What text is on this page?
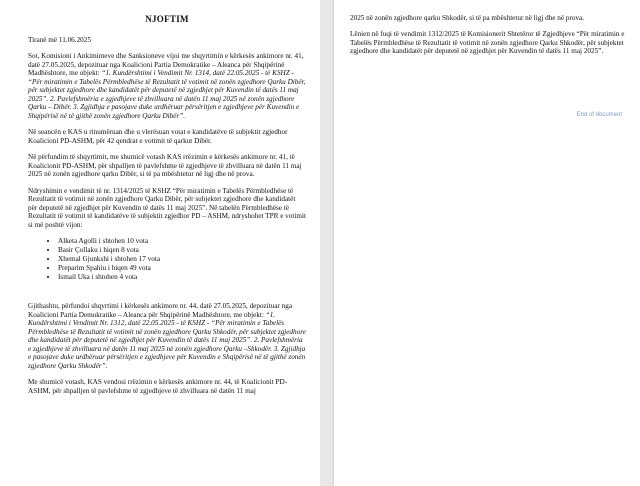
NJOFTIM

Tiranë më 11.06.2025

Sot, Komisioni i Ankimimeve dhe Sanksioneve vijoi me shqyrtimin e kërkesës ankimore nr. 41, datë 27.05.2025, depozituar nga Koalicioni Partia Demokratike – Aleanca për Shqipërinë Madhështore, me objekt: “1. Kundërshtimi i Vendimit Nr. 1314, datë 22.05.2025 - të KSHZ - “Për miratimin e Tabelës Përmbledhëse të Rezultatit të votimit në zonën zgjedhore Qarku Dibër, për subjektet zgjedhore dhe kandidatët për deputetë në zgjedhjet për Kuvendin të datës 11 maj 2025”. 2. Pavlefshmëria e zgjedhjeve të zhvilluara në datën 11 maj 2025 në zonën zgjedhore Qarku – Dibër. 3. Zgjidhja e pasojave duke urdhëruar përsëritjen e zgjedhjeve për Kuvendin e Shqipërisë në të gjithë zonën zgjedhore Qarku Dibër”.

Në seancën e KAS u rinumëruan dhe u vlerësuan votat e kandidatëve të subjektit zgjedhor Koalicioni PD-ASHM, për 42 qendrat e votimit të qarkut Dibër.

Në përfundim të shqyrtimit, me shumicë votash KAS rrëzimin e kërkesës ankimore nr. 41, të Koalicionit PD-ASHM, për shpalljen të pavlefshme të zgjedhjeve të zhvilluara në datën 11 maj 2025 në zonën zgjedhore qarku Dibër, si të pa mbështetur në ligj dhe në prova.

Ndryshimin e vendimit të nr. 1314/2025 të KSHZ “Për miratimin e Tabelës Përmbledhëse të Rezultatit të votimit në zonën zgjedhore Qarku Dibër, për subjektet zgjedhore dhe kandidatët për deputetë në zgjedhjet për Kuvendin të datës 11 maj 2025”. Në tabelën Përmbledhëse të Rezultatit të votimit të kandidatëve të subjektit zgjedhor PD – ASHM, ndryshohet TPR e votimit si më poshtë vijon:

• Alketa Agolli i shtohen 10 vota
• Basir Çollaku i hiqen 8 vota
• Xhemal Gjunkshi i shtohen 17 vota
• Preparim Spahiu i hiqen 49 vota
• Ismail Uka i shtohen 4 vota

Gjithashtu, përfundoi shqyrtimi i kërkesës ankimore nr. 44, datë 27.05.2025, depozituar nga Koalicioni Partia Demokratike – Aleanca për Shqipërinë Madhështore, me objekt: “1. Kundërshtimi i Vendimit Nr. 1312, datë 22.05.2025 - të KSHZ - “Për miratimin e Tabelës Përmbledhëse të Rezultatit të votimit në zonën zgjedhore Qarku Shkodër, për subjektet zgjedhore dhe kandidatët për deputetë në zgjedhjet për Kuvendin të datës 11 maj 2025”. 2. Pavlefshmëria e zgjedhjeve të zhvilluara në datën 11 maj 2025 në zonën zgjedhore Qarku –Shkodër. 3. Zgjidhja e pasojave duke urdhëruar përsëritjen e zgjedhjeve për Kuvendin e Shqipërisë në të gjithë zonën zgjedhore Qarku Shkodër”.

Me shumicë votash, KAS vendosi rrëzimin e kërkesës ankimore nr. 44, të Koalicionit PD-ASHM, për shpalljen të pavlefshme të zgjedhjeve të zhvilluara në datën 11 maj

2025 në zonën zgjedhore qarku Shkodër, si të pa mbështetur në ligj dhe në prova.

Lënien në fuqi të vendimit 1312/2025 të Komisionerit Shtetëror të Zgjedhjeve “Për miratimin e Tabelës Përmbledhëse të Rezultatit të votimit në zonën zgjedhore Qarku Shkodër, për subjektet zgjedhore dhe kandidatët për deputetë në zgjedhjet për Kuvendin të datës 11 maj 2025”.

End of document
